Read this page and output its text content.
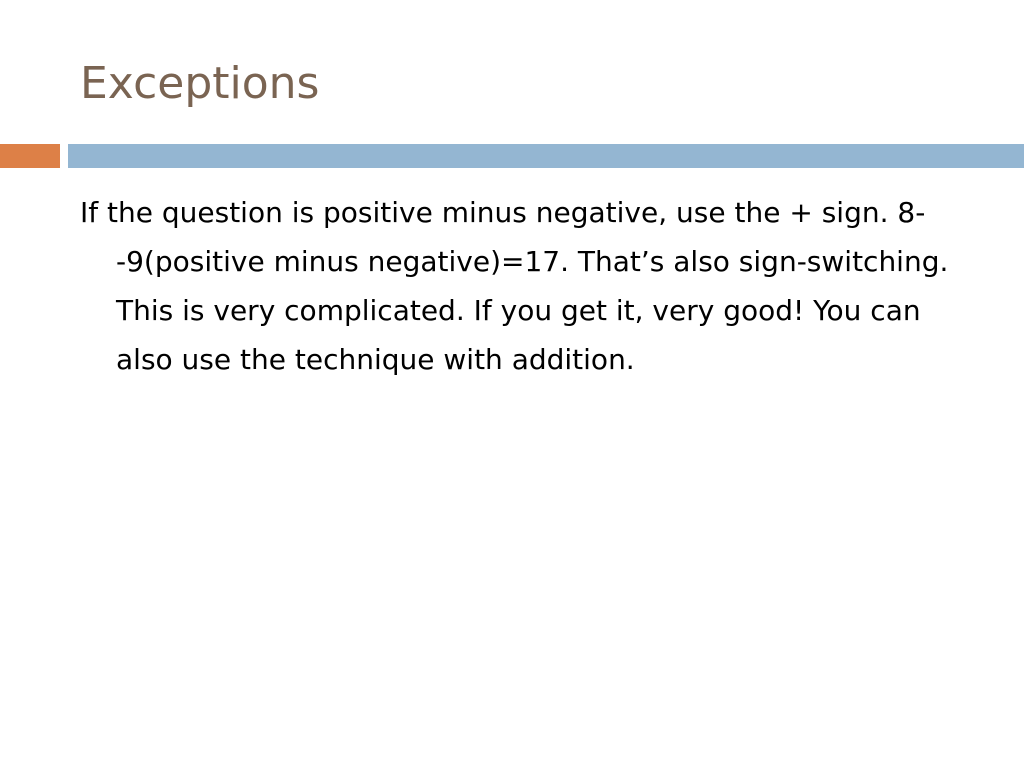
Exceptions
If the question is positive minus negative, use the + sign. 8- -9(positive minus negative)=17. That’s also sign-switching. This is very complicated. If you get it, very good! You can also use the technique with addition.
